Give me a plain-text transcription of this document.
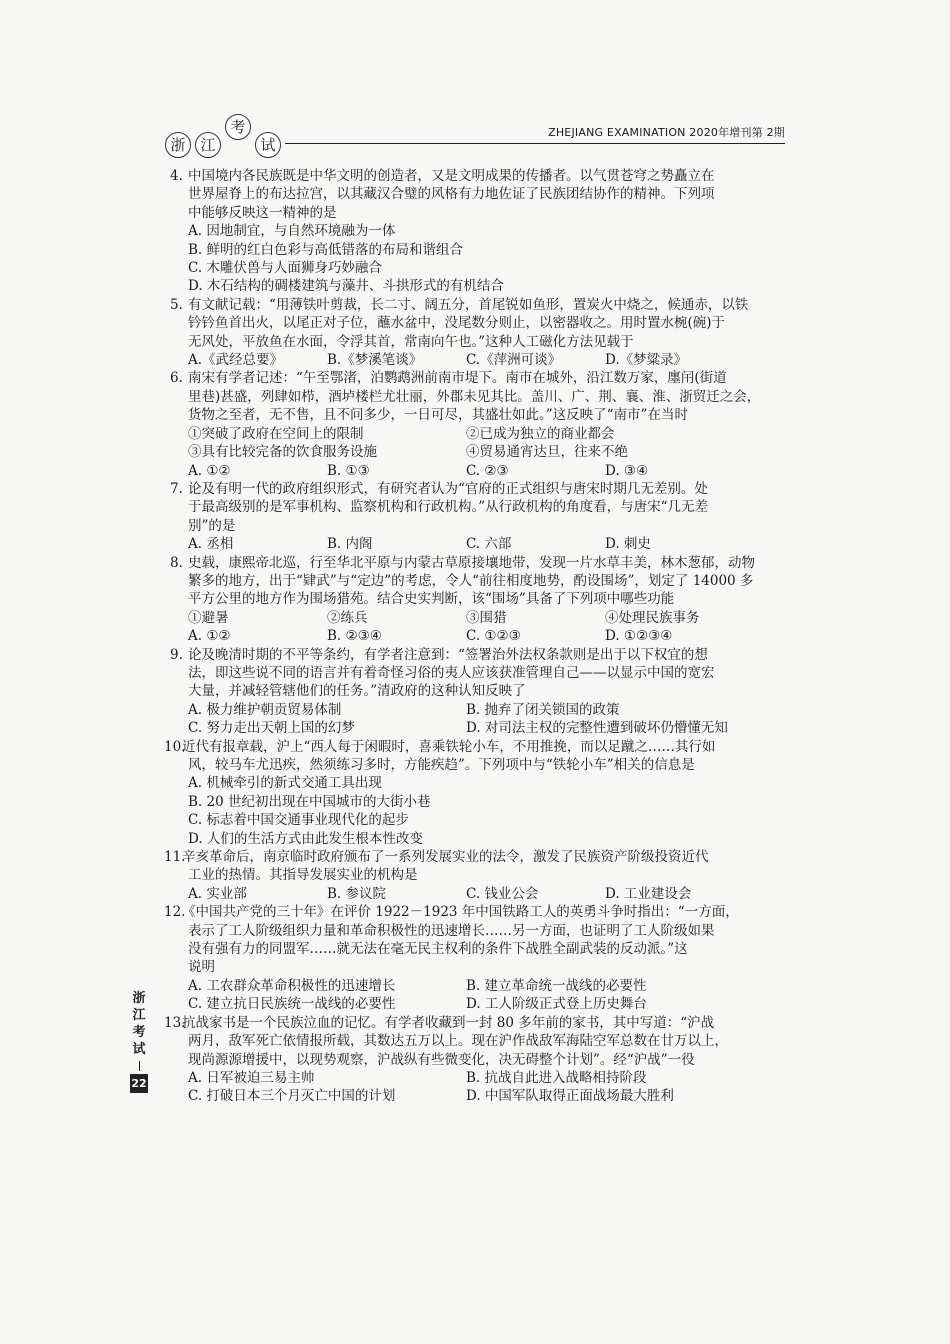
浙 江
考
试
ZHEJIANG EXAMINATION 2020年增刊第 2期
4. 中国境内各民族既是中华文明的创造者，又是文明成果的传播者。以气贯苍穹之势矗立在
世界屋脊上的布达拉宫，以其藏汉合璧的风格有力地佐证了民族团结协作的精神。下列项
中能够反映这一精神的是
A. 因地制宜，与自然环境融为一体
B. 鲜明的红白色彩与高低错落的布局和谐组合
C. 木雕伏兽与人面狮身巧妙融合
D. 木石结构的碉楼建筑与藻井、斗拱形式的有机结合
5. 有文献记载：“用薄铁叶剪裁，长二寸、阔五分，首尾锐如鱼形，置炭火中烧之，候通赤，以铁
钤钤鱼首出火，以尾正对子位，蘸水盆中，没尾数分则止，以密器收之。用时置水椀(碗)于
无风处，平放鱼在水面，令浮其首，常南向午也。”这种人工磁化方法见载于
A.《武经总要》	B.《梦溪笔谈》	C.《萍洲可谈》	D.《梦粱录》
6. 南宋有学者记述：“午至鄂渚，泊鹦鹉洲前南市堤下。南市在城外，沿江数万家，廛闬(街道
里巷)甚盛，列肆如栉，酒垆楼栏尤壮丽，外郡未见其比。盖川、广、荆、襄、淮、浙贸迁之会，
货物之至者，无不售，且不问多少，一日可尽，其盛壮如此。”这反映了“南市”在当时
①突破了政府在空间上的限制	②已成为独立的商业都会
③具有比较完备的饮食服务设施	④贸易通宵达旦，往来不绝
A. ①②	B. ①③	C. ②③	D. ③④
7. 论及有明一代的政府组织形式，有研究者认为“官府的正式组织与唐宋时期几无差别。处
于最高级别的是军事机构、监察机构和行政机构。”从行政机构的角度看，与唐宋“几无差
别”的是
A. 丞相	B. 内阁	C. 六部	D. 刺史
8. 史载，康熙帝北巡，行至华北平原与内蒙古草原接壤地带，发现一片水草丰美，林木葱郁，动物
繁多的地方，出于“肄武”与“定边”的考虑，令人“前往相度地势，酌设围场”，划定了 14000 多
平方公里的地方作为围场猎苑。结合史实判断，该“围场”具备了下列项中哪些功能
①避暑	②练兵	③围猎	④处理民族事务
A. ①②	B. ②③④	C. ①②③	D. ①②③④
9. 论及晚清时期的不平等条约，有学者注意到：“签署治外法权条款则是出于以下权宜的想
法，即这些说不同的语言并有着奇怪习俗的夷人应该获准管理自己——以显示中国的宽宏
大量，并减轻管辖他们的任务。”清政府的这种认知反映了
A. 极力维护朝贡贸易体制	B. 抛弃了闭关锁国的政策
C. 努力走出天朝上国的幻梦	D. 对司法主权的完整性遭到破坏仍懵懂无知
10.近代有报章载，沪上“西人每于闲暇时，喜乘铁轮小车，不用推挽，而以足蹴之……其行如
风，较马车尤迅疾，然须练习多时，方能疾趋”。下列项中与“铁轮小车”相关的信息是
A. 机械牵引的新式交通工具出现
B. 20 世纪初出现在中国城市的大街小巷
C. 标志着中国交通事业现代化的起步
D. 人们的生活方式由此发生根本性改变
11.辛亥革命后，南京临时政府颁布了一系列发展实业的法令，激发了民族资产阶级投资近代
工业的热情。其指导发展实业的机构是
A. 实业部	B. 参议院	C. 钱业公会	D. 工业建设会
12.《中国共产党的三十年》在评价 1922－1923 年中国铁路工人的英勇斗争时指出：“一方面，
表示了工人阶级组织力量和革命积极性的迅速增长……另一方面，也证明了工人阶级如果
没有强有力的同盟军……就无法在毫无民主权利的条件下战胜全副武装的反动派。”这
说明
A. 工农群众革命积极性的迅速增长	B. 建立革命统一战线的必要性
C. 建立抗日民族统一战线的必要性	D. 工人阶级正式登上历史舞台
13.抗战家书是一个民族泣血的记忆。有学者收藏到一封 80 多年前的家书，其中写道：“沪战
两月，敌军死亡依情报所载，其数达五万以上。现在沪作战敌军海陆空军总数在廿万以上，
现尚源源增援中，以现势观察，沪战纵有些微变化，决无碍整个计划”。经“沪战”一役
A. 日军被迫三易主帅	B. 抗战自此进入战略相持阶段
C. 打破日本三个月灭亡中国的计划	D. 中国军队取得正面战场最大胜利
浙
江
考
试
22
